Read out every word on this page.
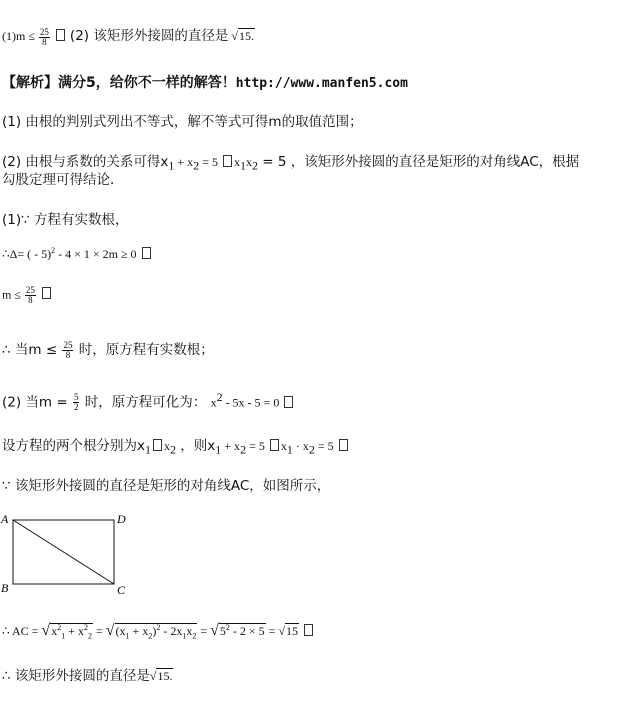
$(1)m \le \frac{25}{8} (2)$ 该矩形外接圆的直径是 √15.
【解析】满分5，给你不一样的解答！http://www.manfen5.com
(1) 由根的判别式列出不等式，解不等式可得m的取值范围；
(2) 由根与系数的关系可得$x_1 + x_2 = 5$ $x_1x_2 = 5$ ，该矩形外接圆的直径是矩形的对角线AC，根据
勾股定理可得结论．
(1)∵ 方程有实数根，
∴Δ= ( - 5)$^2$ - 4 × 1 × 2m ≥ 0
$m \le \frac{25}{8}$

∴ 当$m \le \frac{25}{8}$ 时，原方程有实数根；
(2) 当$m = \frac{5}{2}$ 时，原方程可化为： $x^2 - 5x - 5 = 0$
设方程的两个根分别为$x_1$ $x_2$ ，则$x_1 + x_2 = 5$ $x_1 \cdot x_2 = 5$
∵ 该矩形外接圆的直径是矩形的对角线AC，如图所示，
A	D
B	C
∴ AC = $√x^2_1 + x^2_2 = √(x_1 + x_2)^2 - 2x_1x_2 = √5^2 - 2 \times 5 = √15$
∴ 该矩形外接圆的直径是√15.
